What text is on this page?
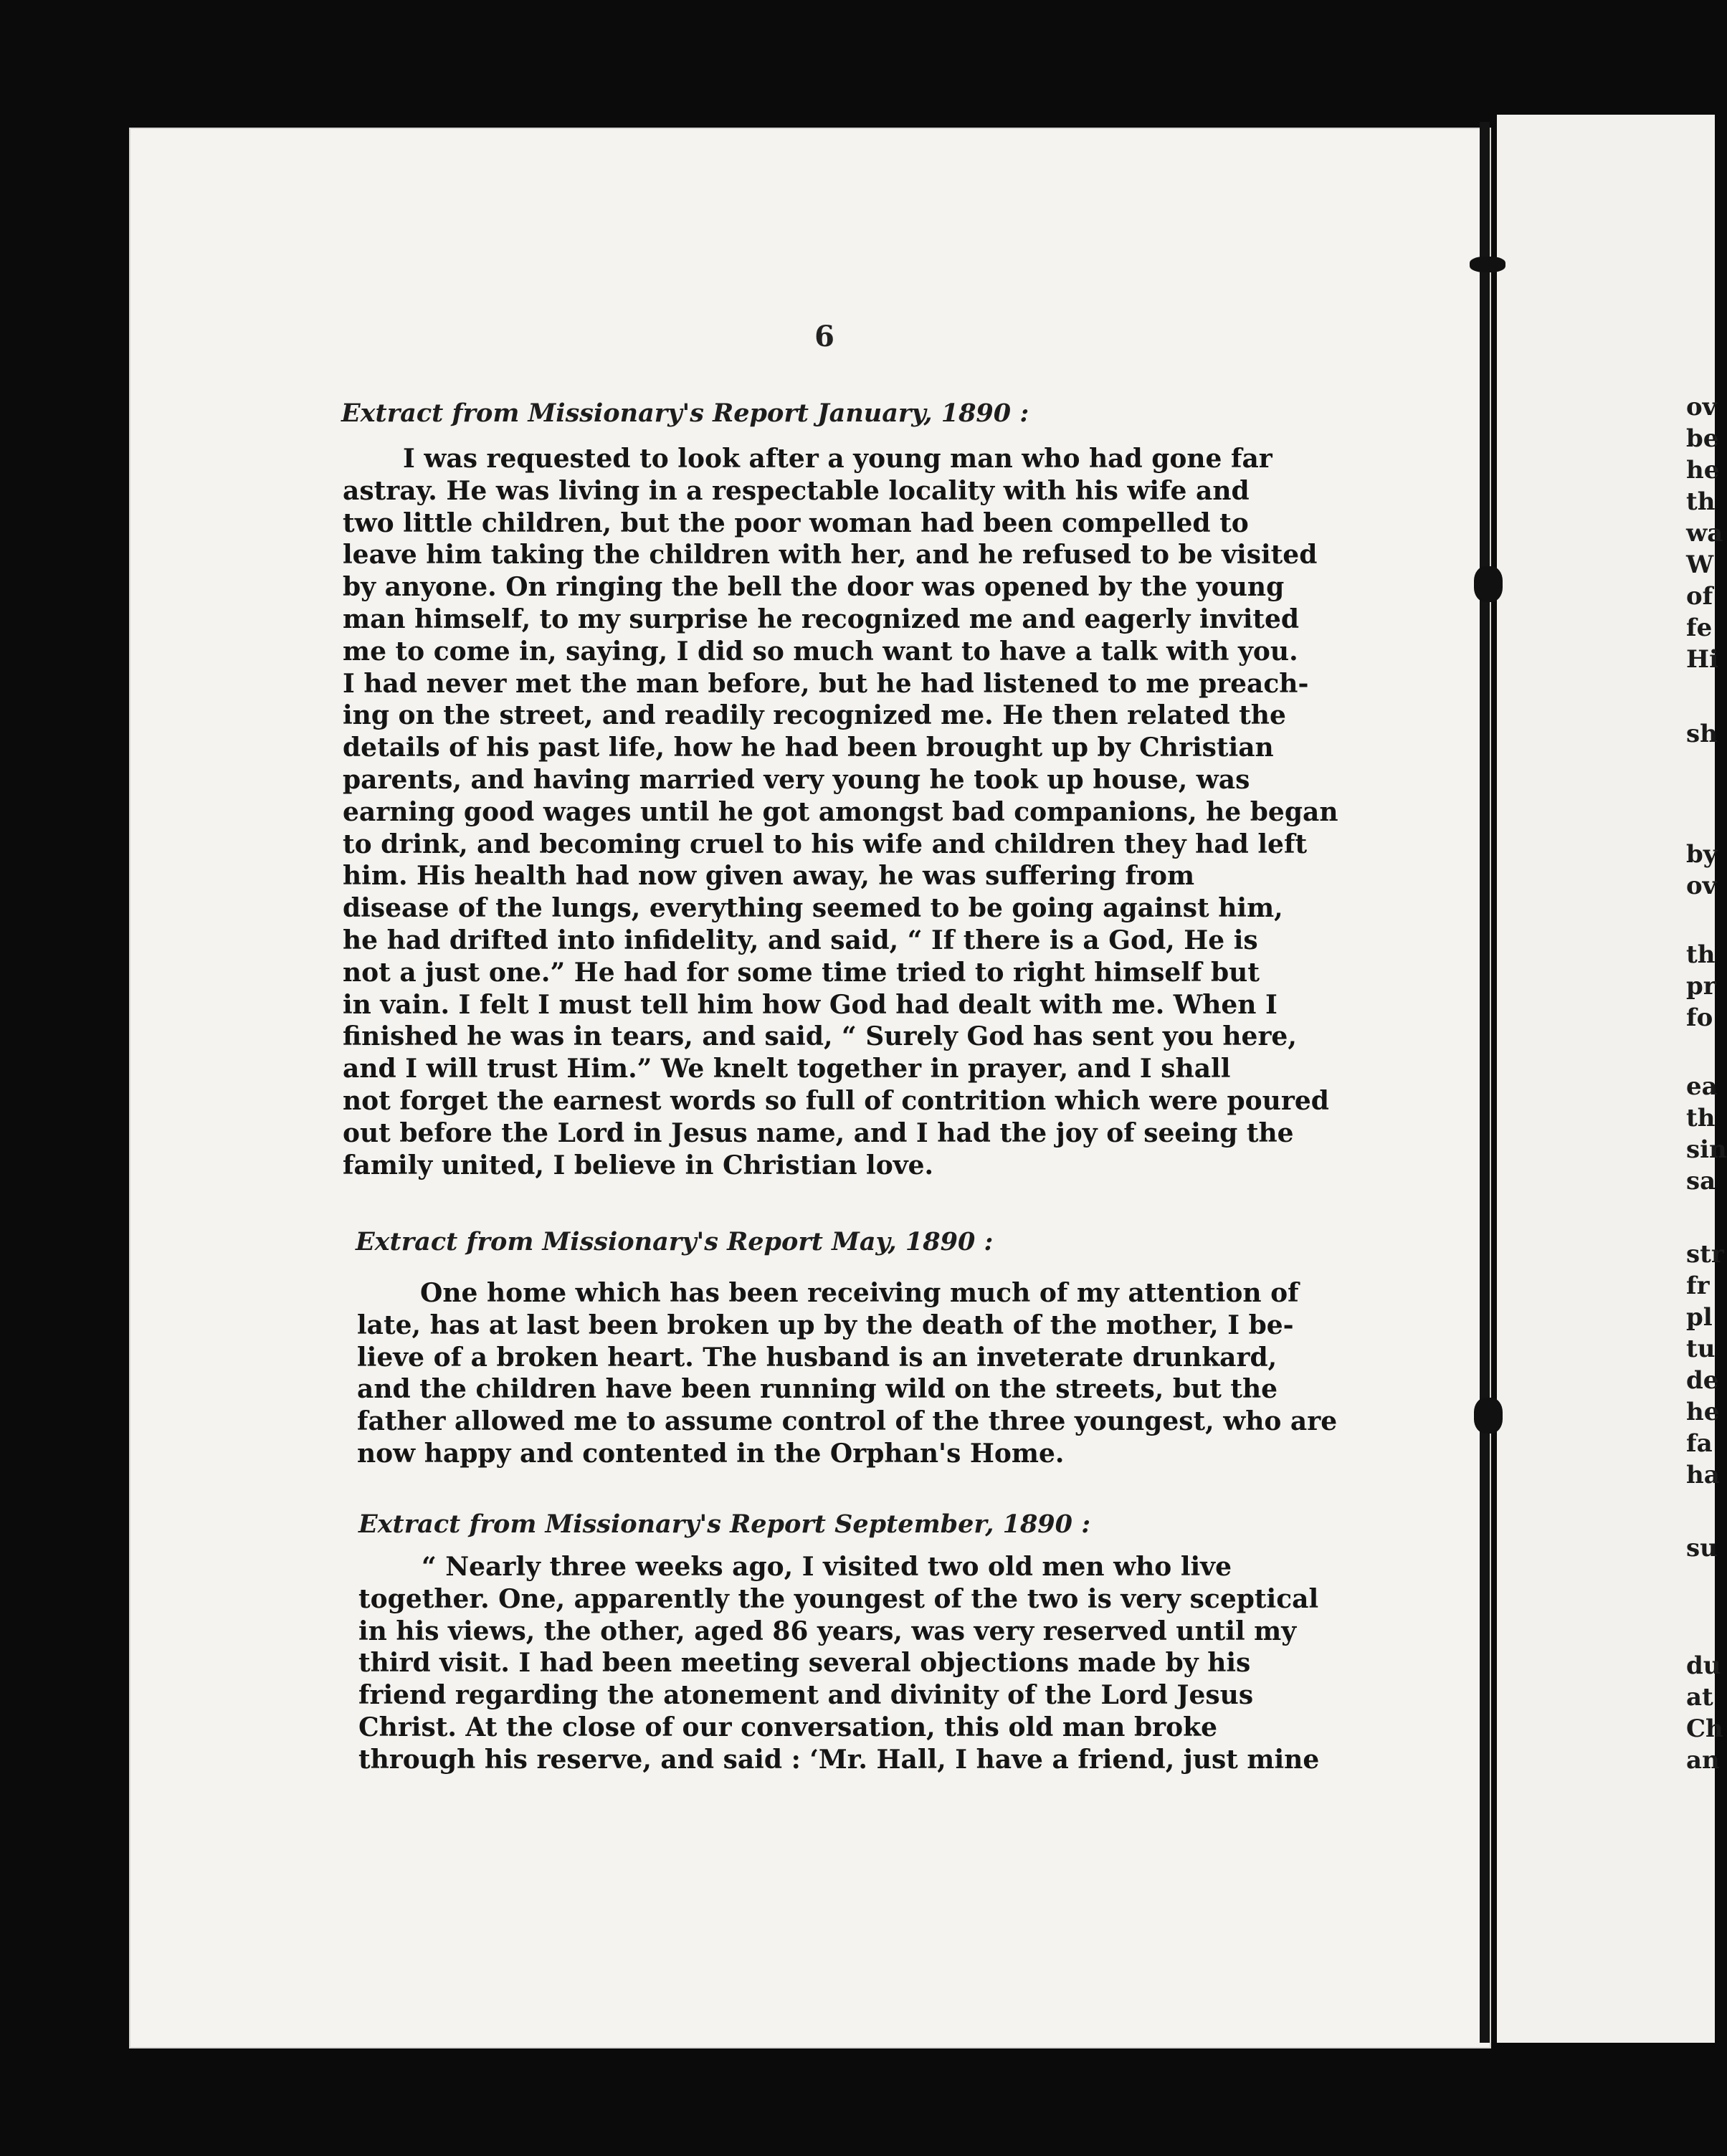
6
Extract from Missionary's Report January, 1890 :
I was requested to look after a young man who had gone far
astray. He was living in a respectable locality with his wife and
two little children, but the poor woman had been compelled to
leave him taking the children with her, and he refused to be visited
by anyone. On ringing the bell the door was opened by the young
man himself, to my surprise he recognized me and eagerly invited
me to come in, saying, I did so much want to have a talk with you.
I had never met the man before, but he had listened to me preach-
ing on the street, and readily recognized me. He then related the
details of his past life, how he had been brought up by Christian
parents, and having married very young he took up house, was
earning good wages until he got amongst bad companions, he began
to drink, and becoming cruel to his wife and children they had left
him. His health had now given away, he was suffering from
disease of the lungs, everything seemed to be going against him,
he had drifted into infidelity, and said, “ If there is a God, He is
not a just one.” He had for some time tried to right himself but
in vain. I felt I must tell him how God had dealt with me. When I
finished he was in tears, and said, “ Surely God has sent you here,
and I will trust Him.” We knelt together in prayer, and I shall
not forget the earnest words so full of contrition which were poured
out before the Lord in Jesus name, and I had the joy of seeing the
family united, I believe in Christian love.
Extract from Missionary's Report May, 1890 :
One home which has been receiving much of my attention of
late, has at last been broken up by the death of the mother, I be-
lieve of a broken heart. The husband is an inveterate drunkard,
and the children have been running wild on the streets, but the
father allowed me to assume control of the three youngest, who are
now happy and contented in the Orphan's Home.
Extract from Missionary's Report September, 1890 :
“ Nearly three weeks ago, I visited two old men who live
together. One, apparently the youngest of the two is very sceptical
in his views, the other, aged 86 years, was very reserved until my
third visit. I had been meeting several objections made by his
friend regarding the atonement and divinity of the Lord Jesus
Christ. At the close of our conversation, this old man broke
through his reserve, and said : ‘Mr. Hall, I have a friend, just mine
ov
be
he
th
wa
W
of
fe
Hi
sh
by
ov
th
pr
fo
ea
th
sin
sa
str
fr
pl
tu
de
he
fa
ha
su
du
at
Ch
an
